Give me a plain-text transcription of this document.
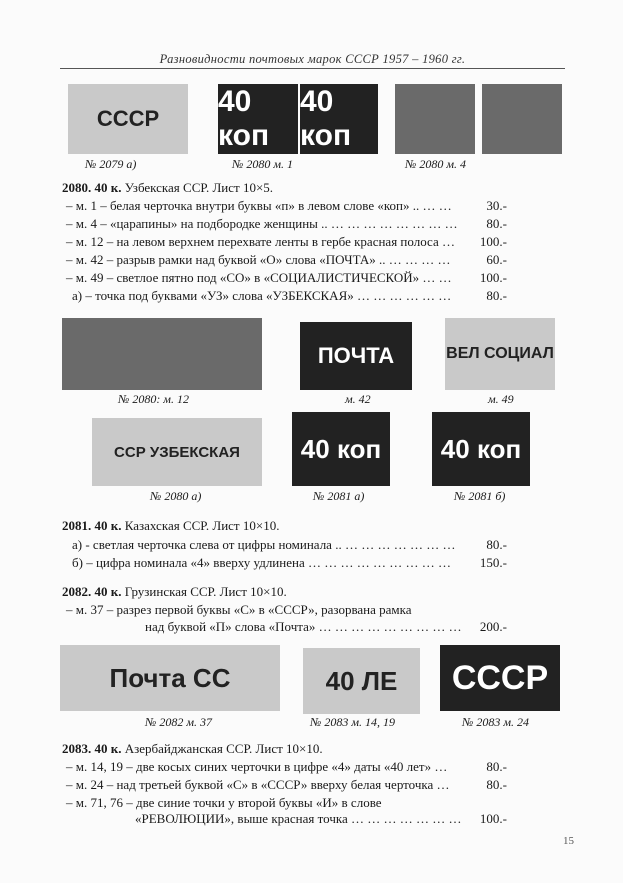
Разновидности почтовых марок СССР 1957 – 1960 гг.
СССР
40 коп
40 коп
№ 2079 а)	№ 2080 м. 1	№ 2080 м. 4
2080. 40 к. Узбекская ССР. Лист 10×5.
– м. 1 – белая черточка внутри буквы «п» в левом слове «коп» .. … …	30.-
– м. 4 – «царапины» на подбородке женщины .. … … … … … … … … 80.-
– м. 12 – на левом верхнем перехвате ленты в гербе красная полоса … 100.-
– м. 42 – разрыв рамки над буквой «О» слова «ПОЧТА» .. … … … …	60.-
– м. 49 – светлое пятно под «СО» в «СОЦИАЛИСТИЧЕСКОЙ» … … 100.-
а) – точка под буквами «УЗ» слова «УЗБЕКСКАЯ» … … … … … …	80.-
ПОЧТА	ВЕЛ СОЦИАЛ
№ 2080: м. 12	м. 42	м. 49
ССР УЗБЕКСКАЯ	40 коп	40 коп
№ 2080 а)	№ 2081 а)	№ 2081 б)
2081. 40 к. Казахская ССР. Лист 10×10.
а) - светлая черточка слева от цифры номинала .. … … … … … … … 80.-
б) – цифра номинала «4» вверху удлинена … … … … … … … … … 150.-
2082. 40 к. Грузинская ССР. Лист 10×10.
– м. 37 – разрез первой буквы «С» в «СССР», разорвана рамка
над буквой «П» слова «Почта» … … … … … … … … … 200.-
Почта СС	40 ЛЕ	СССР
№ 2082 м. 37	№ 2083 м. 14, 19	№ 2083 м. 24
2083. 40 к. Азербайджанская ССР. Лист 10×10.
– м. 14, 19 – две косых синих черточки в цифре «4» даты «40 лет» …	80.-
– м. 24 – над третьей буквой «С» в «СССР» вверху белая черточка …	80.-
– м. 71, 76 – две синие точки у второй буквы «И» в слове
«РЕВОЛЮЦИИ», выше красная точка … … … … … … … 100.-
15
